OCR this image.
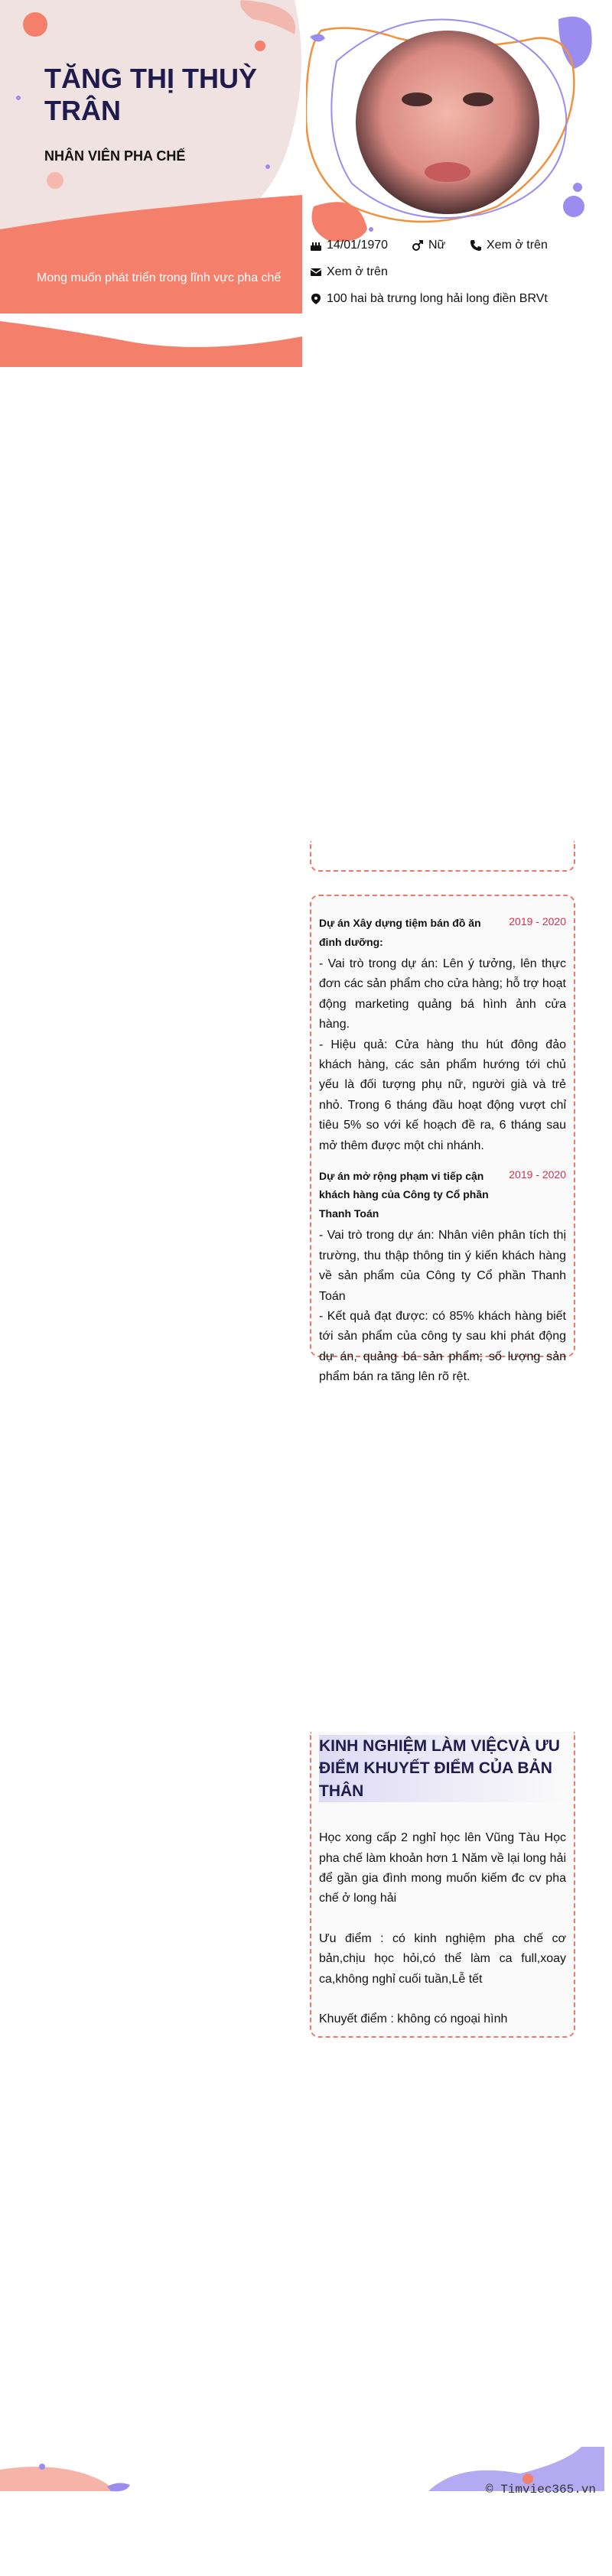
TĂNG THỊ THUỲ
TRÂN
NHÂN VIÊN PHA CHẾ
Mong muốn phát triển trong lĩnh vực pha chế
14/01/1970	Nữ	Xem ở trên
Xem ở trên
100 hai bà trưng long hải long điền BRVt
Dự án Xây dựng tiệm bán đồ ăn đinh dưỡng:
2019 - 2020
- Vai trò trong dự án: Lên ý tưởng, lên thực đơn các sản phẩm cho cửa hàng; hỗ trợ hoạt động marketing quảng bá hình ảnh cửa hàng.
- Hiệu quả: Cửa hàng thu hút đông đảo khách hàng, các sản phẩm hướng tới chủ yếu là đối tượng phụ nữ, người già và trẻ nhỏ. Trong 6 tháng đầu hoạt động vượt chỉ tiêu 5% so với kế hoạch đề ra, 6 tháng sau mở thêm được một chi nhánh.
Dự án mở rộng phạm vi tiếp cận khách hàng của Công ty Cổ phần Thanh Toán
2019 - 2020
- Vai trò trong dự án: Nhân viên phân tích thị trường, thu thập thông tin ý kiến khách hàng về sản phẩm của Công ty Cổ phần Thanh Toán
- Kết quả đạt được: có 85% khách hàng biết tới sản phẩm của công ty sau khi phát động dự án, quảng bá sản phẩm; số lượng sản phẩm bán ra tăng lên rõ rệt.
KINH NGHIỆM LÀM VIỆCVÀ ƯU ĐIỂM KHUYẾT ĐIỂM CỦA BẢN THÂN

Học xong cấp 2 nghỉ học lên Vũng Tàu Học pha chế làm khoản hơn 1 Năm về lại long hải để gần gia đình mong muốn kiếm đc cv pha chế ở long hải

Ưu điểm : có kinh nghiệm pha chế cơ bản,chịu học hỏi,có thể làm ca full,xoay ca,không nghỉ cuối tuần,Lễ tết

Khuyết điểm : không có ngoại hình

© Timviec365.vn
